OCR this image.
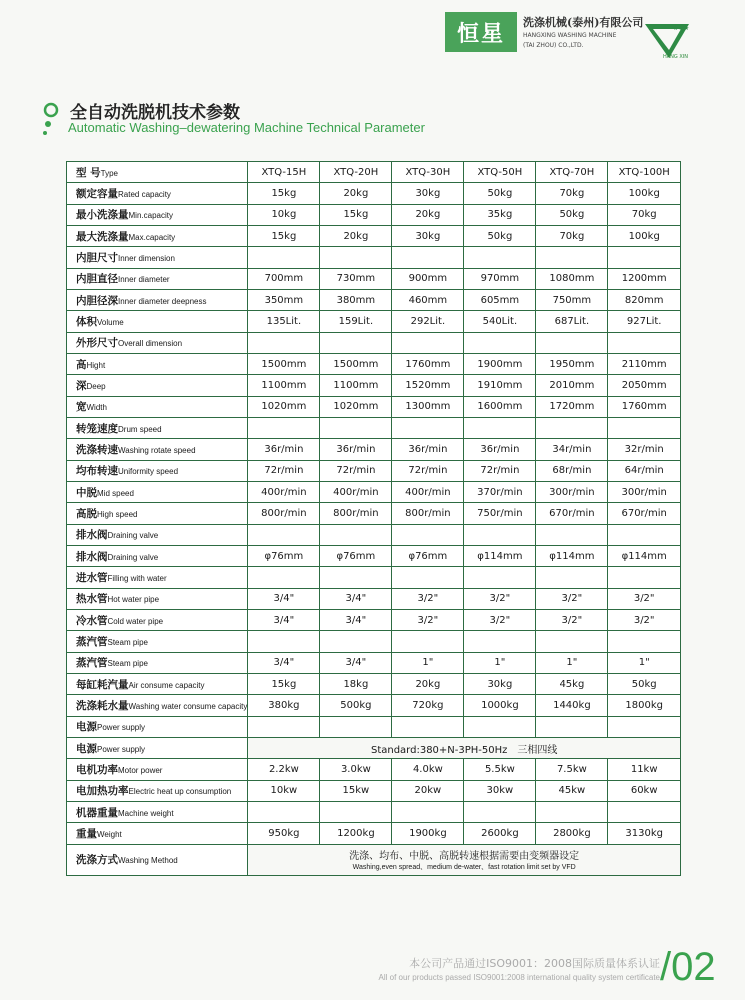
恒星	洗涤机械(泰州)有限公司
HANGXING WASHING MACHINE
(TAI ZHOU) CO.,LTD.
★★★
HANG XIN
全自动洗脱机技术参数
Automatic Washing–dewatering Machine Technical Parameter
型 号Type	XTQ-15H	XTQ-20H	XTQ-30H	XTQ-50H	XTQ-70H	XTQ-100H
额定容量Rated capacity	15kg	20kg	30kg	50kg	70kg	100kg
最小洗涤量Min.capacity	10kg	15kg	20kg	35kg	50kg	70kg
最大洗涤量Max.capacity	15kg	20kg	30kg	50kg	70kg	100kg
内胆尺寸Inner dimension						
内胆直径Inner diameter	700mm	730mm	900mm	970mm	1080mm	1200mm
内胆径深Inner diameter deepness	350mm	380mm	460mm	605mm	750mm	820mm
体积Volume	135Lit.	159Lit.	292Lit.	540Lit.	687Lit.	927Lit.
外形尺寸Overall dimension						
高Hight	1500mm	1500mm	1760mm	1900mm	1950mm	2110mm
深Deep	1100mm	1100mm	1520mm	1910mm	2010mm	2050mm
宽Width	1020mm	1020mm	1300mm	1600mm	1720mm	1760mm
转笼速度Drum speed						
洗涤转速Washing rotate speed	36r/min	36r/min	36r/min	36r/min	34r/min	32r/min
均布转速Uniformity speed	72r/min	72r/min	72r/min	72r/min	68r/min	64r/min
中脱Mid speed	400r/min	400r/min	400r/min	370r/min	300r/min	300r/min
高脱High speed	800r/min	800r/min	800r/min	750r/min	670r/min	670r/min
排水阀Draining valve						
排水阀Draining valve	φ76mm	φ76mm	φ76mm	φ114mm	φ114mm	φ114mm
进水管Filling with water						
热水管Hot water pipe	3/4"	3/4"	3/2"	3/2"	3/2"	3/2"
冷水管Cold water pipe	3/4"	3/4"	3/2"	3/2"	3/2"	3/2"
蒸汽管Steam pipe						
蒸汽管Steam pipe	3/4"	3/4"	1"	1"	1"	1"
每缸耗汽量Air consume capacity	15kg	18kg	20kg	30kg	45kg	50kg
洗涤耗水量Washing water consume capacity	380kg	500kg	720kg	1000kg	1440kg	1800kg
电源Power supply						
电源Power supply	Standard:380+N-3PH-50Hz　三相四线					
电机功率Motor power	2.2kw	3.0kw	4.0kw	5.5kw	7.5kw	11kw
电加热功率Electric heat up consumption	10kw	15kw	20kw	30kw	45kw	60kw
机器重量Machine weight						
重量Weight	950kg	1200kg	1900kg	2600kg	2800kg	3130kg
洗涤方式Washing Method	洗涤、均布、中脱、高脱转速根据需要由变频器设定
Washing,even spread、medium de-water、fast rotation limit set by VFD					
本公司产品通过ISO9001：2008国际质量体系认证
All of our products passed ISO9001:2008 international quality system certificate /02
